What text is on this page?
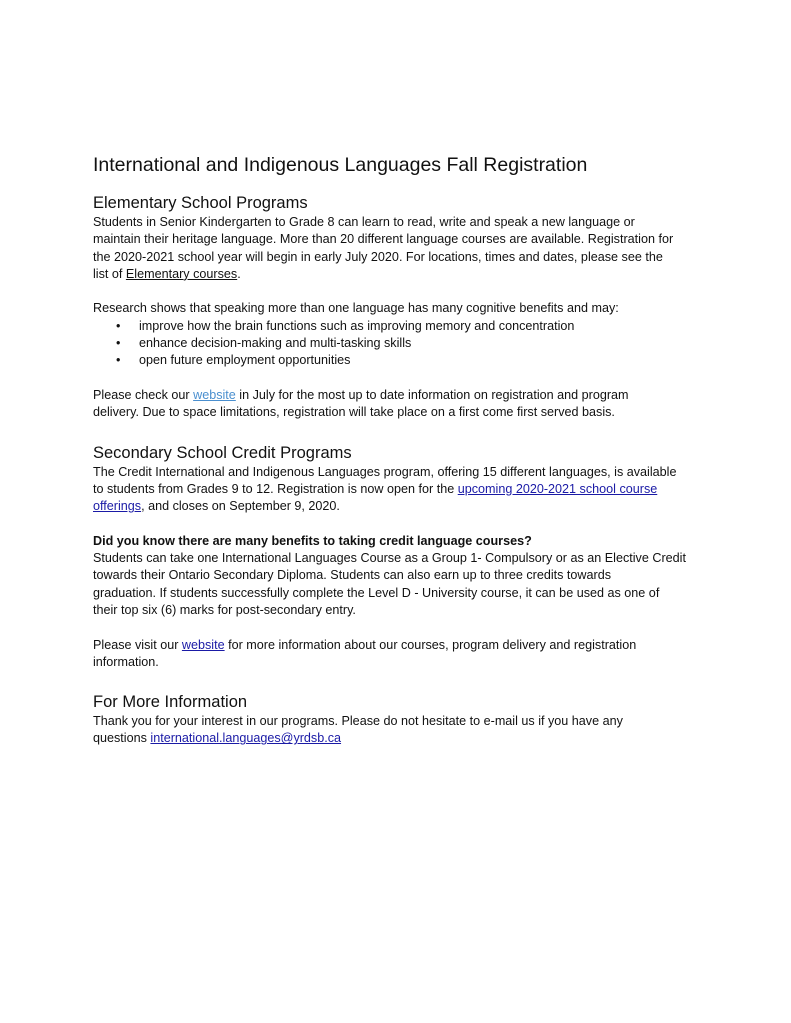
International and Indigenous Languages Fall Registration
Elementary School Programs
Students in Senior Kindergarten to Grade 8 can learn to read, write and speak a new language or
maintain their heritage language. More than 20 different language courses are available. Registration for
the 2020-2021 school year will begin in early July 2020. For locations, times and dates, please see the
list of Elementary courses.
Research shows that speaking more than one language has many cognitive benefits and may:
• improve how the brain functions such as improving memory and concentration
• enhance decision-making and multi-tasking skills
• open future employment opportunities
Please check our website in July for the most up to date information on registration and program
delivery. Due to space limitations, registration will take place on a first come first served basis.
Secondary School Credit Programs
The Credit International and Indigenous Languages program, offering 15 different languages, is available
to students from Grades 9 to 12. Registration is now open for the upcoming 2020-2021 school course
offerings, and closes on September 9, 2020.
Did you know there are many benefits to taking credit language courses?
Students can take one International Languages Course as a Group 1- Compulsory or as an Elective Credit
towards their Ontario Secondary Diploma. Students can also earn up to three credits towards
graduation. If students successfully complete the Level D - University course, it can be used as one of
their top six (6) marks for post-secondary entry.
Please visit our website for more information about our courses, program delivery and registration
information.
For More Information
Thank you for your interest in our programs. Please do not hesitate to e-mail us if you have any
questions international.languages@yrdsb.ca
